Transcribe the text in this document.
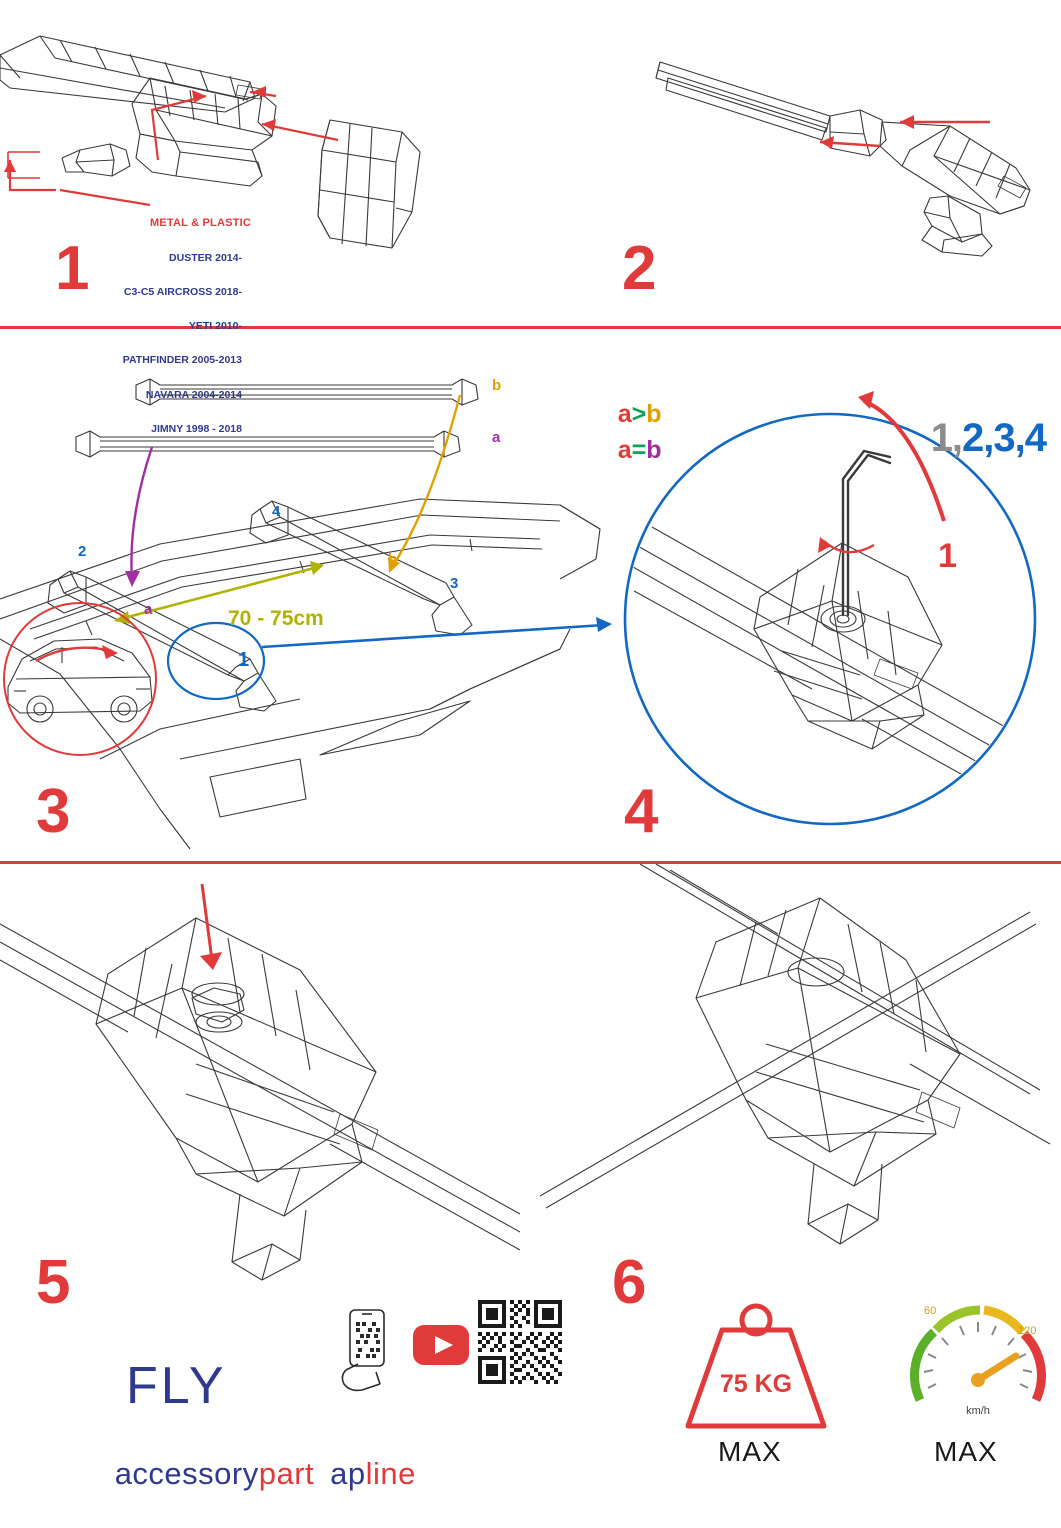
METAL & PLASTIC

DUSTER 2014-

C3-C5 AIRCROSS 2018-

YETI 2010-

PATHFINDER 2005-2013

NAVARA 2004-2014

JIMNY 1998 - 2018

1	2
b
a
a
b
2
4
3
1
70 - 75cm

a>b

a=b

3

1,2,3,4

1
4
5
FLY

accessorypart apline

6
75 KG
MAX
60
120
km/h
MAX
